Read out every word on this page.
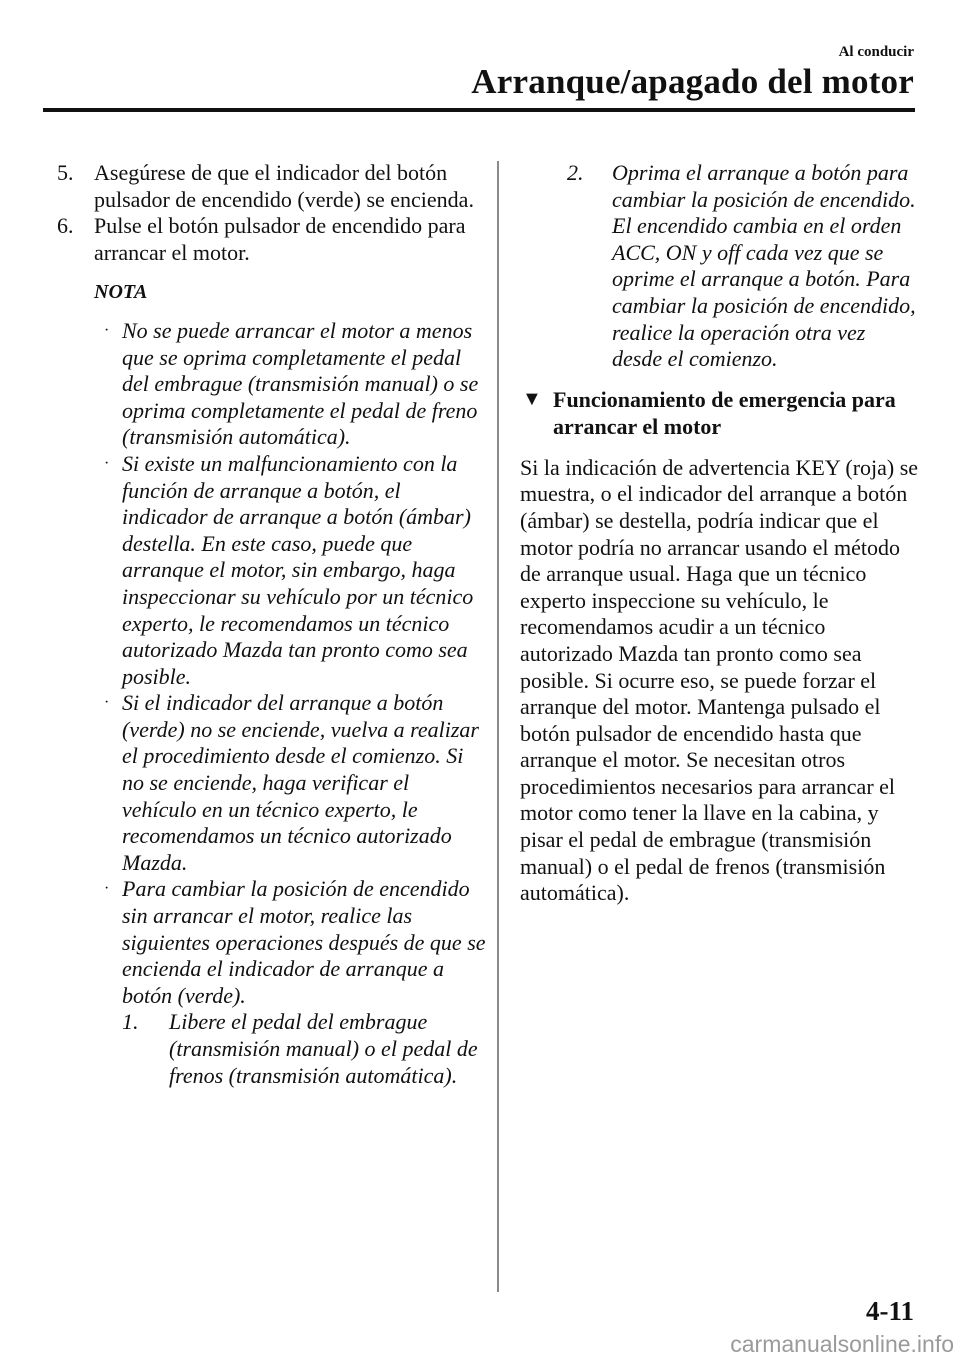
Al conducir
Arranque/apagado del motor
5. Asegúrese de que el indicador del botón pulsador de encendido (verde) se encienda.
6. Pulse el botón pulsador de encendido para arrancar el motor.
NOTA
· No se puede arrancar el motor a menos que se oprima completamente el pedal del embrague (transmisión manual) o se oprima completamente el pedal de freno (transmisión automática).
· Si existe un malfuncionamiento con la función de arranque a botón, el indicador de arranque a botón (ámbar) destella. En este caso, puede que arranque el motor, sin embargo, haga inspeccionar su vehículo por un técnico experto, le recomendamos un técnico autorizado Mazda tan pronto como sea posible.
· Si el indicador del arranque a botón (verde) no se enciende, vuelva a realizar el procedimiento desde el comienzo. Si no se enciende, haga verificar el vehículo en un técnico experto, le recomendamos un técnico autorizado Mazda.
· Para cambiar la posición de encendido sin arrancar el motor, realice las siguientes operaciones después de que se encienda el indicador de arranque a botón (verde).
1. Libere el pedal del embrague (transmisión manual) o el pedal de frenos (transmisión automática).
2. Oprima el arranque a botón para cambiar la posición de encendido. El encendido cambia en el orden ACC, ON y off cada vez que se oprime el arranque a botón. Para cambiar la posición de encendido, realice la operación otra vez desde el comienzo.
▼ Funcionamiento de emergencia para arrancar el motor
Si la indicación de advertencia KEY (roja) se muestra, o el indicador del arranque a botón (ámbar) se destella, podría indicar que el motor podría no arrancar usando el método de arranque usual. Haga que un técnico experto inspeccione su vehículo, le recomendamos acudir a un técnico autorizado Mazda tan pronto como sea posible. Si ocurre eso, se puede forzar el arranque del motor. Mantenga pulsado el botón pulsador de encendido hasta que arranque el motor. Se necesitan otros procedimientos necesarios para arrancar el motor como tener la llave en la cabina, y pisar el pedal de embrague (transmisión manual) o el pedal de frenos (transmisión automática).
4-11
carmanualsonline.info
